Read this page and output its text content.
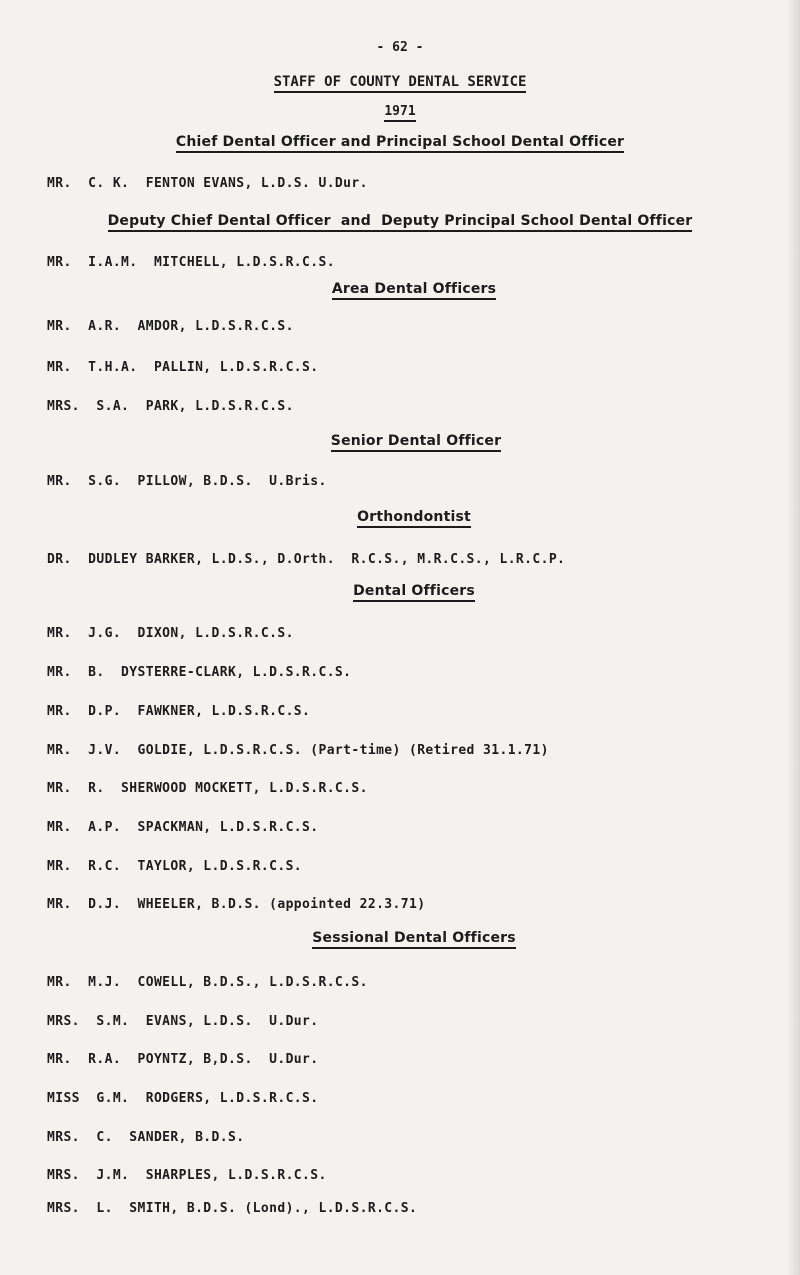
- 62 -
STAFF OF COUNTY DENTAL SERVICE
1971
Chief Dental Officer and Principal School Dental Officer
MR.  C. K.  FENTON EVANS, L.D.S. U.Dur.
Deputy Chief Dental Officer  and  Deputy Principal School Dental Officer
MR.  I.A.M.  MITCHELL, L.D.S.R.C.S.
Area Dental Officers
MR.  A.R.  AMDOR, L.D.S.R.C.S.
MR.  T.H.A.  PALLIN, L.D.S.R.C.S.
MRS.  S.A.  PARK, L.D.S.R.C.S.
Senior Dental Officer
MR.  S.G.  PILLOW, B.D.S.  U.Bris.
Orthondontist
DR.  DUDLEY BARKER, L.D.S., D.Orth.  R.C.S., M.R.C.S., L.R.C.P.
Dental Officers
MR.  J.G.  DIXON, L.D.S.R.C.S.
MR.  B.  DYSTERRE-CLARK, L.D.S.R.C.S.
MR.  D.P.  FAWKNER, L.D.S.R.C.S.
MR.  J.V.  GOLDIE, L.D.S.R.C.S. (Part-time) (Retired 31.1.71)
MR.  R.  SHERWOOD MOCKETT, L.D.S.R.C.S.
MR.  A.P.  SPACKMAN, L.D.S.R.C.S.
MR.  R.C.  TAYLOR, L.D.S.R.C.S.
MR.  D.J.  WHEELER, B.D.S. (appointed 22.3.71)
Sessional Dental Officers
MR.  M.J.  COWELL, B.D.S., L.D.S.R.C.S.
MRS.  S.M.  EVANS, L.D.S.  U.Dur.
MR.  R.A.  POYNTZ, B,D.S.  U.Dur.
MISS  G.M.  RODGERS, L.D.S.R.C.S.
MRS.  C.  SANDER, B.D.S.
MRS.  J.M.  SHARPLES, L.D.S.R.C.S.
MRS.  L.  SMITH, B.D.S. (Lond)., L.D.S.R.C.S.
